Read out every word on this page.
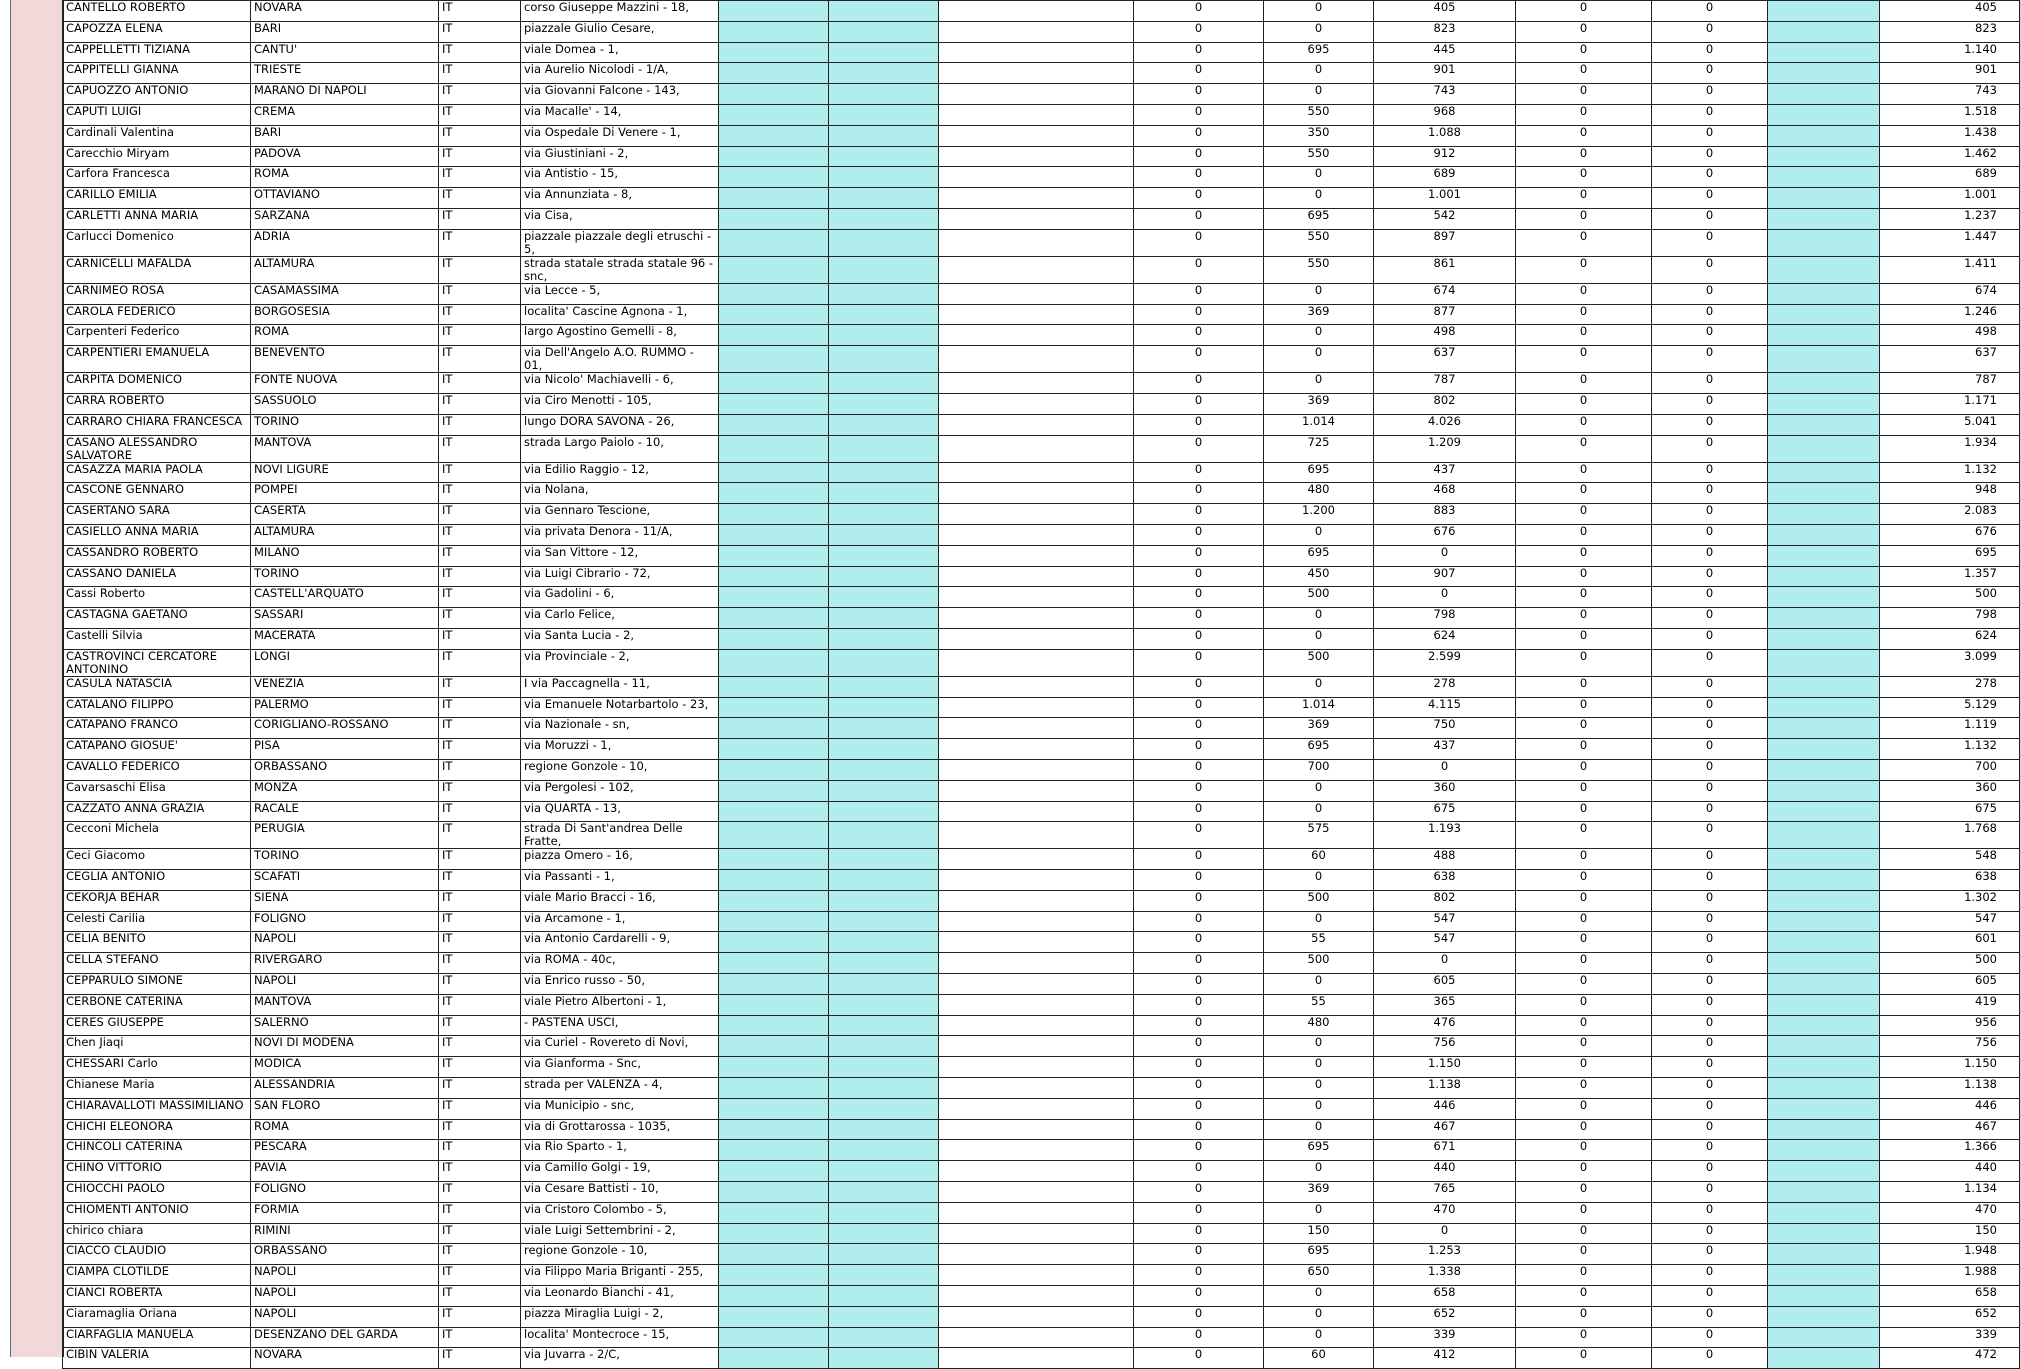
CANTELLO ROBERTO	NOVARA	IT	corso Giuseppe Mazzini - 18,				0	0	405	0	0		405
CAPOZZA ELENA	BARI	IT	piazzale Giulio Cesare,				0	0	823	0	0		823
CAPPELLETTI TIZIANA	CANTU'	IT	viale Domea - 1,				0	695	445	0	0		1.140
CAPPITELLI GIANNA	TRIESTE	IT	via Aurelio Nicolodi - 1/A,				0	0	901	0	0		901
CAPUOZZO ANTONIO	MARANO DI NAPOLI	IT	via Giovanni Falcone - 143,				0	0	743	0	0		743
CAPUTI LUIGI	CREMA	IT	via Macalle' - 14,				0	550	968	0	0		1.518
Cardinali Valentina	BARI	IT	via Ospedale Di Venere - 1,				0	350	1.088	0	0		1.438
Carecchio Miryam	PADOVA	IT	via Giustiniani - 2,				0	550	912	0	0		1.462
Carfora Francesca	ROMA	IT	via Antistio - 15,				0	0	689	0	0		689
CARILLO EMILIA	OTTAVIANO	IT	via Annunziata - 8,				0	0	1.001	0	0		1.001
CARLETTI ANNA MARIA	SARZANA	IT	via Cisa,				0	695	542	0	0		1.237
Carlucci Domenico	ADRIA	IT	piazzale piazzale degli etruschi - 5,				0	550	897	0	0		1.447
CARNICELLI MAFALDA	ALTAMURA	IT	strada statale strada statale 96 - snc,				0	550	861	0	0		1.411
CARNIMEO ROSA	CASAMASSIMA	IT	via Lecce - 5,				0	0	674	0	0		674
CAROLA FEDERICO	BORGOSESIA	IT	localita' Cascine Agnona - 1,				0	369	877	0	0		1.246
Carpenteri Federico	ROMA	IT	largo Agostino Gemelli - 8,				0	0	498	0	0		498
CARPENTIERI EMANUELA	BENEVENTO	IT	via Dell'Angelo A.O. RUMMO - 01,				0	0	637	0	0		637
CARPITA DOMENICO	FONTE NUOVA	IT	via Nicolo' Machiavelli - 6,				0	0	787	0	0		787
CARRA ROBERTO	SASSUOLO	IT	via Ciro Menotti - 105,				0	369	802	0	0		1.171
CARRARO CHIARA FRANCESCA	TORINO	IT	lungo DORA SAVONA - 26,				0	1.014	4.026	0	0		5.041
CASANO ALESSANDRO SALVATORE	MANTOVA	IT	strada Largo Paiolo - 10,				0	725	1.209	0	0		1.934
CASAZZA MARIA PAOLA	NOVI LIGURE	IT	via Edilio Raggio - 12,				0	695	437	0	0		1.132
CASCONE GENNARO	POMPEI	IT	via Nolana,				0	480	468	0	0		948
CASERTANO SARA	CASERTA	IT	via Gennaro Tescione,				0	1.200	883	0	0		2.083
CASIELLO ANNA MARIA	ALTAMURA	IT	via privata Denora - 11/A,				0	0	676	0	0		676
CASSANDRO ROBERTO	MILANO	IT	via San Vittore - 12,				0	695	0	0	0		695
CASSANO DANIELA	TORINO	IT	via Luigi Cibrario - 72,				0	450	907	0	0		1.357
Cassi Roberto	CASTELL'ARQUATO	IT	via Gadolini - 6,				0	500	0	0	0		500
CASTAGNA GAETANO	SASSARI	IT	via Carlo Felice,				0	0	798	0	0		798
Castelli Silvia	MACERATA	IT	via Santa Lucia - 2,				0	0	624	0	0		624
CASTROVINCI CERCATORE ANTONINO	LONGI	IT	via Provinciale - 2,				0	500	2.599	0	0		3.099
CASULA NATASCIA	VENEZIA	IT	I via Paccagnella - 11,				0	0	278	0	0		278
CATALANO FILIPPO	PALERMO	IT	via Emanuele Notarbartolo - 23,				0	1.014	4.115	0	0		5.129
CATAPANO FRANCO	CORIGLIANO-ROSSANO	IT	via Nazionale - sn,				0	369	750	0	0		1.119
CATAPANO GIOSUE'	PISA	IT	via Moruzzi - 1,				0	695	437	0	0		1.132
CAVALLO FEDERICO	ORBASSANO	IT	regione Gonzole - 10,				0	700	0	0	0		700
Cavarsaschi Elisa	MONZA	IT	via Pergolesi - 102,				0	0	360	0	0		360
CAZZATO ANNA GRAZIA	RACALE	IT	via QUARTA - 13,				0	0	675	0	0		675
Cecconi Michela	PERUGIA	IT	strada Di Sant'andrea Delle Fratte,				0	575	1.193	0	0		1.768
Ceci Giacomo	TORINO	IT	piazza Omero - 16,				0	60	488	0	0		548
CEGLIA ANTONIO	SCAFATI	IT	via Passanti - 1,				0	0	638	0	0		638
CEKORJA BEHAR	SIENA	IT	viale Mario Bracci - 16,				0	500	802	0	0		1.302
Celesti Carilia	FOLIGNO	IT	via Arcamone - 1,				0	0	547	0	0		547
CELIA BENITO	NAPOLI	IT	via Antonio Cardarelli - 9,				0	55	547	0	0		601
CELLA STEFANO	RIVERGARO	IT	via ROMA - 40c,				0	500	0	0	0		500
CEPPARULO SIMONE	NAPOLI	IT	via Enrico russo - 50,				0	0	605	0	0		605
CERBONE CATERINA	MANTOVA	IT	viale Pietro Albertoni - 1,				0	55	365	0	0		419
CERES GIUSEPPE	SALERNO	IT	- PASTENA USCI,				0	480	476	0	0		956
Chen Jiaqi	NOVI DI MODENA	IT	via Curiel - Rovereto di Novi,				0	0	756	0	0		756
CHESSARI Carlo	MODICA	IT	via Gianforma - Snc,				0	0	1.150	0	0		1.150
Chianese Maria	ALESSANDRIA	IT	strada per VALENZA - 4,				0	0	1.138	0	0		1.138
CHIARAVALLOTI MASSIMILIANO	SAN FLORO	IT	via Municipio - snc,				0	0	446	0	0		446
CHICHI ELEONORA	ROMA	IT	via di Grottarossa - 1035,				0	0	467	0	0		467
CHINCOLI CATERINA	PESCARA	IT	via Rio Sparto - 1,				0	695	671	0	0		1.366
CHINO VITTORIO	PAVIA	IT	via Camillo Golgi - 19,				0	0	440	0	0		440
CHIOCCHI PAOLO	FOLIGNO	IT	via Cesare Battisti - 10,				0	369	765	0	0		1.134
CHIOMENTI ANTONIO	FORMIA	IT	via Cristoro Colombo - 5,				0	0	470	0	0		470
chirico chiara	RIMINI	IT	viale Luigi Settembrini - 2,				0	150	0	0	0		150
CIACCO CLAUDIO	ORBASSANO	IT	regione Gonzole - 10,				0	695	1.253	0	0		1.948
CIAMPA CLOTILDE	NAPOLI	IT	via Filippo Maria Briganti - 255,				0	650	1.338	0	0		1.988
CIANCI ROBERTA	NAPOLI	IT	via Leonardo Bianchi - 41,				0	0	658	0	0		658
Ciaramaglia Oriana	NAPOLI	IT	piazza Miraglia Luigi - 2,				0	0	652	0	0		652
CIARFAGLIA MANUELA	DESENZANO DEL GARDA	IT	localita' Montecroce - 15,				0	0	339	0	0		339
CIBIN VALERIA	NOVARA	IT	via Juvarra - 2/C,				0	60	412	0	0		472
